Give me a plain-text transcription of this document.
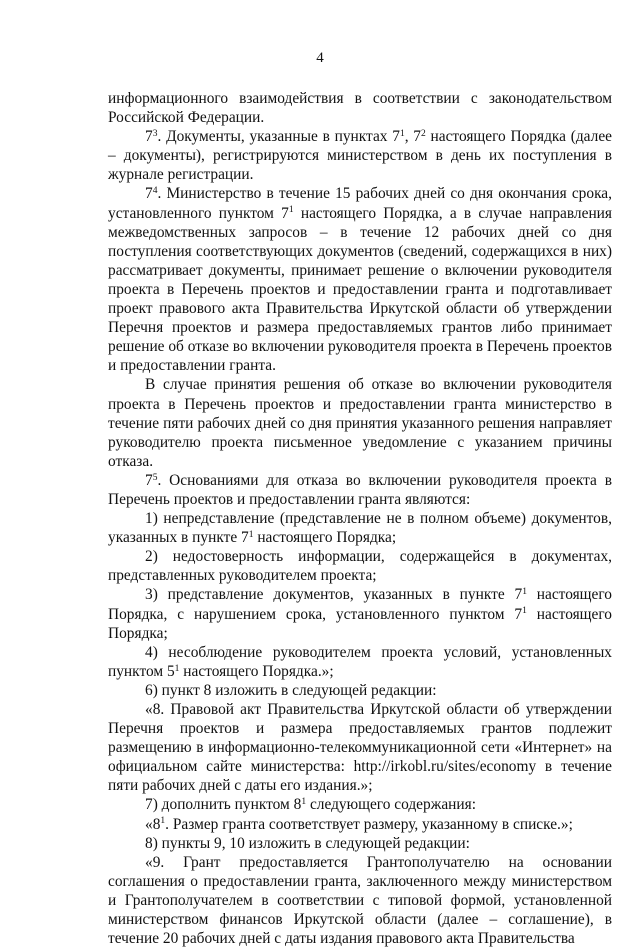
4

информационного взаимодействия в соответствии с законодательством Российской Федерации.

$7^3$. Документы, указанные в пунктах $7^1$, $7^2$ настоящего Порядка (далее – документы), регистрируются министерством в день их поступления в журнале регистрации.

$7^4$. Министерство в течение 15 рабочих дней со дня окончания срока, установленного пунктом $7^1$ настоящего Порядка, а в случае направления межведомственных запросов – в течение 12 рабочих дней со дня поступления соответствующих документов (сведений, содержащихся в них) рассматривает документы, принимает решение о включении руководителя проекта в Перечень проектов и предоставлении гранта и подготавливает проект правового акта Правительства Иркутской области об утверждении Перечня проектов и размера предоставляемых грантов либо принимает решение об отказе во включении руководителя проекта в Перечень проектов и предоставлении гранта.

В случае принятия решения об отказе во включении руководителя проекта в Перечень проектов и предоставлении гранта министерство в течение пяти рабочих дней со дня принятия указанного решения направляет руководителю проекта письменное уведомление с указанием причины отказа.

$7^5$. Основаниями для отказа во включении руководителя проекта в Перечень проектов и предоставлении гранта являются:

1) непредставление (представление не в полном объеме) документов, указанных в пункте $7^1$ настоящего Порядка;

2) недостоверность информации, содержащейся в документах, представленных руководителем проекта;

3) представление документов, указанных в пункте $7^1$ настоящего Порядка, с нарушением срока, установленного пунктом $7^1$ настоящего Порядка;

4) несоблюдение руководителем проекта условий, установленных пунктом $5^1$ настоящего Порядка.»;

6) пункт 8 изложить в следующей редакции:

«8. Правовой акт Правительства Иркутской области об утверждении Перечня проектов и размера предоставляемых грантов подлежит размещению в информационно-телекоммуникационной сети «Интернет» на официальном сайте министерства: http://irkobl.ru/sites/economy в течение пяти рабочих дней с даты его издания.»;

7) дополнить пунктом $8^1$ следующего содержания:

«$8^1$. Размер гранта соответствует размеру, указанному в списке.»;

8) пункты 9, 10 изложить в следующей редакции:

«9. Грант предоставляется Грантополучателю на основании соглашения о предоставлении гранта, заключенного между министерством и Грантополучателем в соответствии с типовой формой, установленной министерством финансов Иркутской области (далее – соглашение), в течение 20 рабочих дней с даты издания правового акта Правительства
